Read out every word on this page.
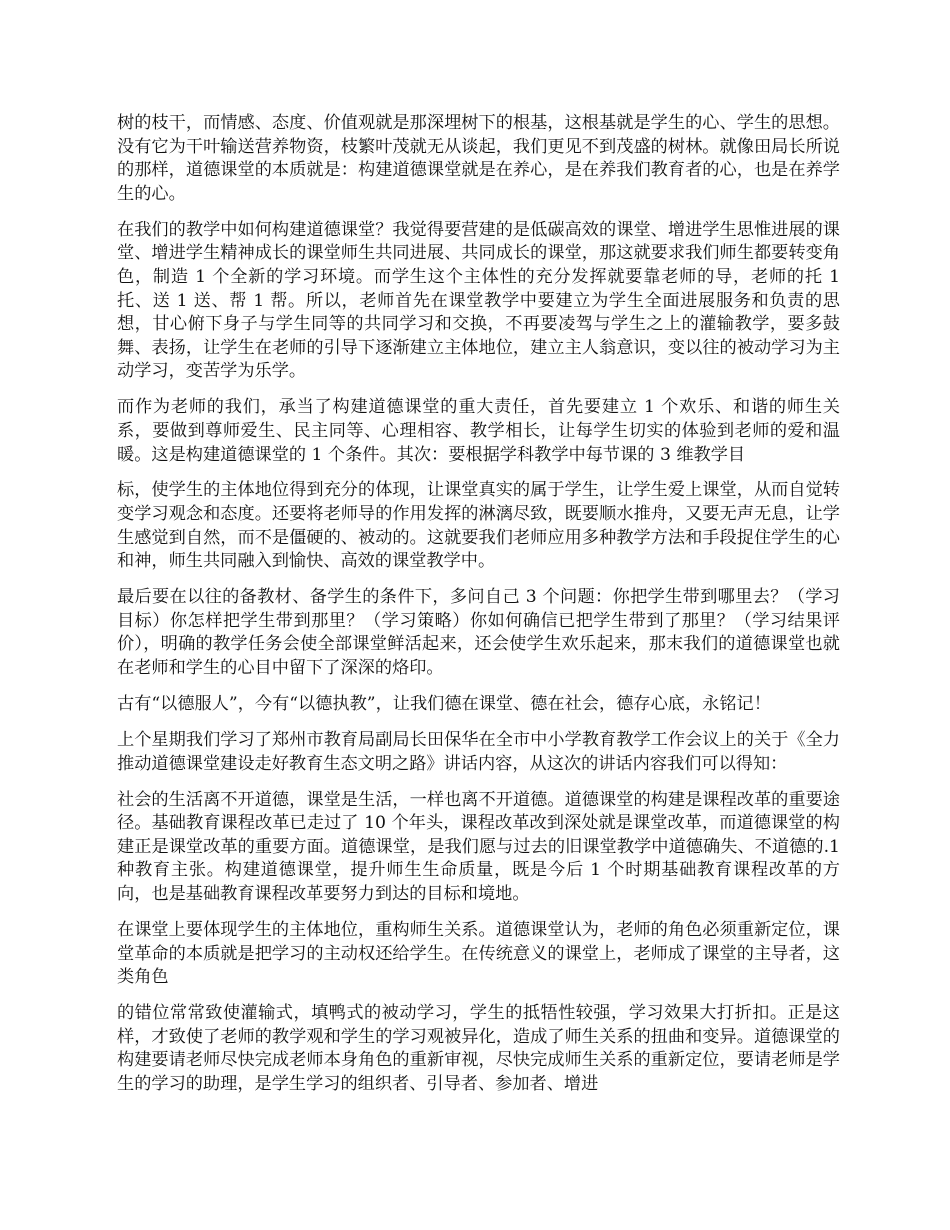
树的枝干，而情感、态度、价值观就是那深埋树下的根基，这根基就是学生的心、学生的思想。没有它为干叶输送营养物资，枝繁叶茂就无从谈起，我们更见不到茂盛的树林。就像田局长所说的那样，道德课堂的本质就是：构建道德课堂就是在养心，是在养我们教育者的心，也是在养学生的心。

在我们的教学中如何构建道德课堂？我觉得要营建的是低碳高效的课堂、增进学生思惟进展的课堂、增进学生精神成长的课堂师生共同进展、共同成长的课堂，那这就要求我们师生都要转变角色，制造 1 个全新的学习环境。而学生这个主体性的充分发挥就要靠老师的导，老师的托 1 托、送 1 送、帮 1 帮。所以，老师首先在课堂教学中要建立为学生全面进展服务和负责的思想，甘心俯下身子与学生同等的共同学习和交换，不再要凌驾与学生之上的灌输教学，要多鼓舞、表扬，让学生在老师的引导下逐渐建立主体地位，建立主人翁意识，变以往的被动学习为主动学习，变苦学为乐学。

而作为老师的我们，承当了构建道德课堂的重大责任，首先要建立 1 个欢乐、和谐的师生关系，要做到尊师爱生、民主同等、心理相容、教学相长，让每学生切实的体验到老师的爱和温暖。这是构建道德课堂的 1 个条件。其次：要根据学科教学中每节课的 3 维教学目

标，使学生的主体地位得到充分的体现，让课堂真实的属于学生，让学生爱上课堂，从而自觉转变学习观念和态度。还要将老师导的作用发挥的淋漓尽致，既要顺水推舟，又要无声无息，让学生感觉到自然，而不是僵硬的、被动的。这就要我们老师应用多种教学方法和手段捉住学生的心和神，师生共同融入到愉快、高效的课堂教学中。

最后要在以往的备教材、备学生的条件下，多问自己 3 个问题：你把学生带到哪里去？（学习目标）你怎样把学生带到那里？（学习策略）你如何确信已把学生带到了那里？（学习结果评价），明确的教学任务会使全部课堂鲜活起来，还会使学生欢乐起来，那末我们的道德课堂也就在老师和学生的心目中留下了深深的烙印。

古有“以德服人”，今有“以德执教”，让我们德在课堂、德在社会，德存心底，永铭记！

上个星期我们学习了郑州市教育局副局长田保华在全市中小学教育教学工作会议上的关于《全力推动道德课堂建设走好教育生态文明之路》讲话内容，从这次的讲话内容我们可以得知：

社会的生活离不开道德，课堂是生活，一样也离不开道德。道德课堂的构建是课程改革的重要途径。基础教育课程改革已走过了 10 个年头，课程改革改到深处就是课堂改革，而道德课堂的构建正是课堂改革的重要方面。道德课堂，是我们愿与过去的旧课堂教学中道德确失、不道德的.1 种教育主张。构建道德课堂，提升师生生命质量，既是今后 1 个时期基础教育课程改革的方向，也是基础教育课程改革要努力到达的目标和境地。

在课堂上要体现学生的主体地位，重构师生关系。道德课堂认为，老师的角色必须重新定位，课堂革命的本质就是把学习的主动权还给学生。在传统意义的课堂上，老师成了课堂的主导者，这类角色

的错位常常致使灌输式，填鸭式的被动学习，学生的抵牾性较强，学习效果大打折扣。正是这样，才致使了老师的教学观和学生的学习观被异化，造成了师生关系的扭曲和变异。道德课堂的构建要请老师尽快完成老师本身角色的重新审视，尽快完成师生关系的重新定位，要请老师是学生的学习的助理，是学生学习的组织者、引导者、参加者、增进
